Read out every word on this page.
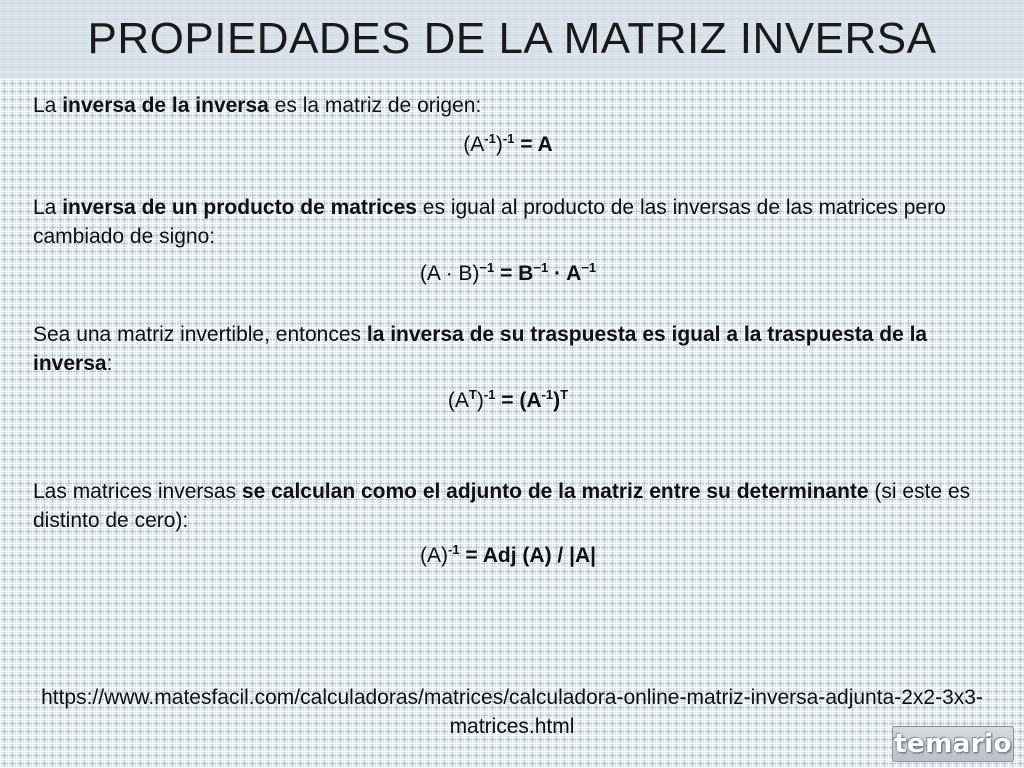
PROPIEDADES DE LA MATRIZ INVERSA

La inversa de la inversa es la matriz de origen:

$(A^{-1})^{-1} = A$

La inversa de un producto de matrices es igual al producto de las inversas de las matrices pero cambiado de signo:

$(A \cdot B)^{-1} = B^{-1} \cdot A^{-1}$

Sea una matriz invertible, entonces la inversa de su traspuesta es igual a la traspuesta de la inversa:

$(A^T)^{-1} = (A^{-1})^T$

Las matrices inversas se calculan como el adjunto de la matriz entre su determinante (si este es distinto de cero):

$(A)^{-1}$ = Adj (A) / |A|

https://www.matesfacil.com/calculadoras/matrices/calculadora-online-matriz-inversa-adjunta-2x2-3x3-matrices.html
temario
